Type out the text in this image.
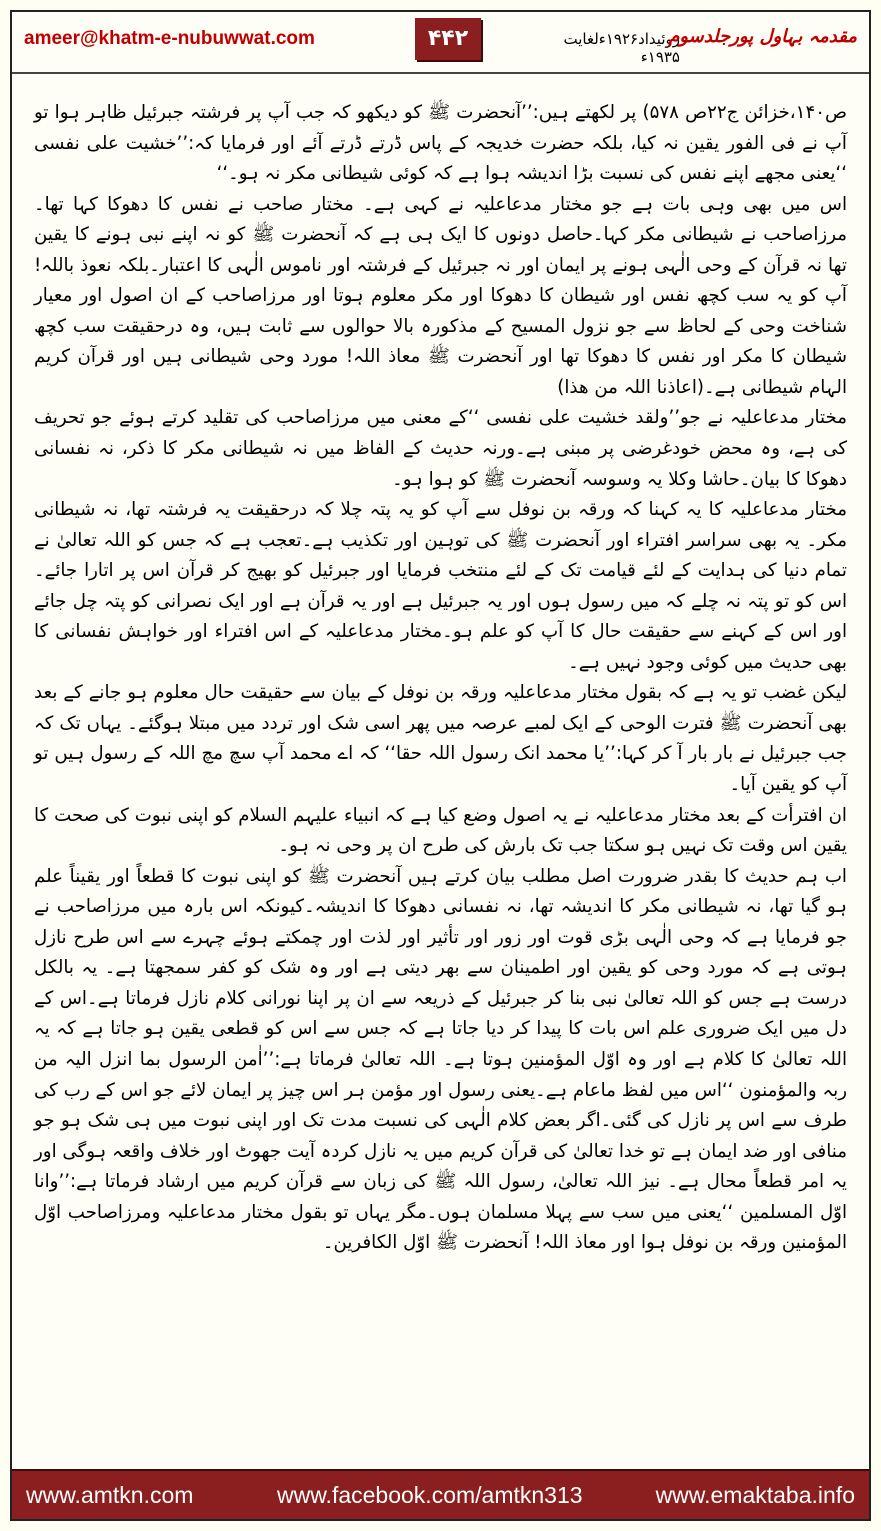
ameer@khatm-e-nubuwwat.com	۴۴۲	روئیداد۱۹۲۶ءلغایت ۱۹۳۵ء
مقدمہ بہاول پورجلدسوم

ص۱۴۰،خزائن ج۲۲ص ۵۷۸) پر لکھتے ہیں:’’آنحضرت ﷺ کو دیکھو کہ جب آپ پر فرشتہ جبرئیل ظاہر ہوا تو آپ نے فی الفور یقین نہ کیا، بلکہ حضرت خدیجہ کے پاس ڈرتے ڈرتے آئے اور فرمایا کہ:’’خشیت علی نفسی ‘‘یعنی مجھے اپنے نفس کی نسبت بڑا اندیشہ ہوا ہے کہ کوئی شیطانی مکر نہ ہو۔‘‘

اس میں بھی وہی بات ہے جو مختار مدعاعلیہ نے کہی ہے۔ مختار صاحب نے نفس کا دھوکا کہا تھا۔مرزاصاحب نے شیطانی مکر کہا۔حاصل دونوں کا ایک ہی ہے کہ آنحضرت ﷺ کو نہ اپنے نبی ہونے کا یقین تھا نہ قرآن کے وحی الٰہی ہونے پر ایمان اور نہ جبرئیل کے فرشتہ اور ناموس الٰہی کا اعتبار۔بلکہ نعوذ باللہ! آپ کو یہ سب کچھ نفس اور شیطان کا دھوکا اور مکر معلوم ہوتا اور مرزاصاحب کے ان اصول اور معیار شناخت وحی کے لحاظ سے جو نزول المسیح کے مذکورہ بالا حوالوں سے ثابت ہیں، وہ درحقیقت سب کچھ شیطان کا مکر اور نفس کا دھوکا تھا اور آنحضرت ﷺ معاذ اللہ! مورد وحی شیطانی ہیں اور قرآن کریم الہام شیطانی ہے۔(اعاذنا اللہ من ھذا)

مختار مدعاعلیہ نے جو’’ولقد خشیت علی نفسی ‘‘کے معنی میں مرزاصاحب کی تقلید کرتے ہوئے جو تحریف کی ہے، وہ محض خودغرضی پر مبنی ہے۔ورنہ حدیث کے الفاظ میں نہ شیطانی مکر کا ذکر، نہ نفسانی دھوکا کا بیان۔حاشا وکلا یہ وسوسہ آنحضرت ﷺ کو ہوا ہو۔

مختار مدعاعلیہ کا یہ کہنا کہ ورقہ بن نوفل سے آپ کو یہ پتہ چلا کہ درحقیقت یہ فرشتہ تھا، نہ شیطانی مکر۔ یہ بھی سراسر افتراء اور آنحضرت ﷺ کی توہین اور تکذیب ہے۔تعجب ہے کہ جس کو اللہ تعالیٰ نے تمام دنیا کی ہدایت کے لئے قیامت تک کے لئے منتخب فرمایا اور جبرئیل کو بھیج کر قرآن اس پر اتارا جائے۔اس کو تو پتہ نہ چلے کہ میں رسول ہوں اور یہ جبرئیل ہے اور یہ قرآن ہے اور ایک نصرانی کو پتہ چل جائے اور اس کے کہنے سے حقیقت حال کا آپ کو علم ہو۔مختار مدعاعلیہ کے اس افتراء اور خواہش نفسانی کا بھی حدیث میں کوئی وجود نہیں ہے۔

لیکن غضب تو یہ ہے کہ بقول مختار مدعاعلیہ ورقہ بن نوفل کے بیان سے حقیقت حال معلوم ہو جانے کے بعد بھی آنحضرت ﷺ فترت الوحی کے ایک لمبے عرصہ میں پھر اسی شک اور تردد میں مبتلا ہوگئے۔ یہاں تک کہ جب جبرئیل نے بار بار آ کر کہا:’’یا محمد انک رسول اللہ حقا‘‘ کہ اے محمد آپ سچ مچ اللہ کے رسول ہیں تو آپ کو یقین آیا۔

ان افترأت کے بعد مختار مدعاعلیہ نے یہ اصول وضع کیا ہے کہ انبیاء علیہم السلام کو اپنی نبوت کی صحت کا یقین اس وقت تک نہیں ہو سکتا جب تک بارش کی طرح ان پر وحی نہ ہو۔

اب ہم حدیث کا بقدر ضرورت اصل مطلب بیان کرتے ہیں آنحضرت ﷺ کو اپنی نبوت کا قطعاً اور یقیناً علم ہو گیا تھا، نہ شیطانی مکر کا اندیشہ تھا، نہ نفسانی دھوکا کا اندیشہ۔کیونکہ اس بارہ میں مرزاصاحب نے جو فرمایا ہے کہ وحی الٰہی بڑی قوت اور زور اور تأثیر اور لذت اور چمکتے ہوئے چہرے سے اس طرح نازل ہوتی ہے کہ مورد وحی کو یقین اور اطمینان سے بھر دیتی ہے اور وہ شک کو کفر سمجھتا ہے۔ یہ بالکل درست ہے جس کو اللہ تعالیٰ نبی بنا کر جبرئیل کے ذریعہ سے ان پر اپنا نورانی کلام نازل فرماتا ہے۔اس کے دل میں ایک ضروری علم اس بات کا پیدا کر دیا جاتا ہے کہ جس سے اس کو قطعی یقین ہو جاتا ہے کہ یہ اللہ تعالیٰ کا کلام ہے اور وہ اوّل المؤمنین ہوتا ہے۔ اللہ تعالیٰ فرماتا ہے:’’اٰمن الرسول بما انزل الیہ من ربہ والمؤمنون ‘‘اس میں لفظ ماعام ہے۔یعنی رسول اور مؤمن ہر اس چیز پر ایمان لائے جو اس کے رب کی طرف سے اس پر نازل کی گئی۔اگر بعض کلام الٰہی کی نسبت مدت تک اور اپنی نبوت میں ہی شک ہو جو منافی اور ضد ایمان ہے تو خدا تعالیٰ کی قرآن کریم میں یہ نازل کردہ آیت جھوٹ اور خلاف واقعہ ہوگی اور یہ امر قطعاً محال ہے۔ نیز اللہ تعالیٰ، رسول اللہ ﷺ کی زبان سے قرآن کریم میں ارشاد فرماتا ہے:’’وانا اوّل المسلمین ‘‘یعنی میں سب سے پہلا مسلمان ہوں۔مگر یہاں تو بقول مختار مدعاعلیہ ومرزاصاحب اوّل المؤمنین ورقہ بن نوفل ہوا اور معاذ اللہ! آنحضرت ﷺ اوّل الکافرین۔

www.amtkn.com	www.facebook.com/amtkn313	www.emaktaba.info
